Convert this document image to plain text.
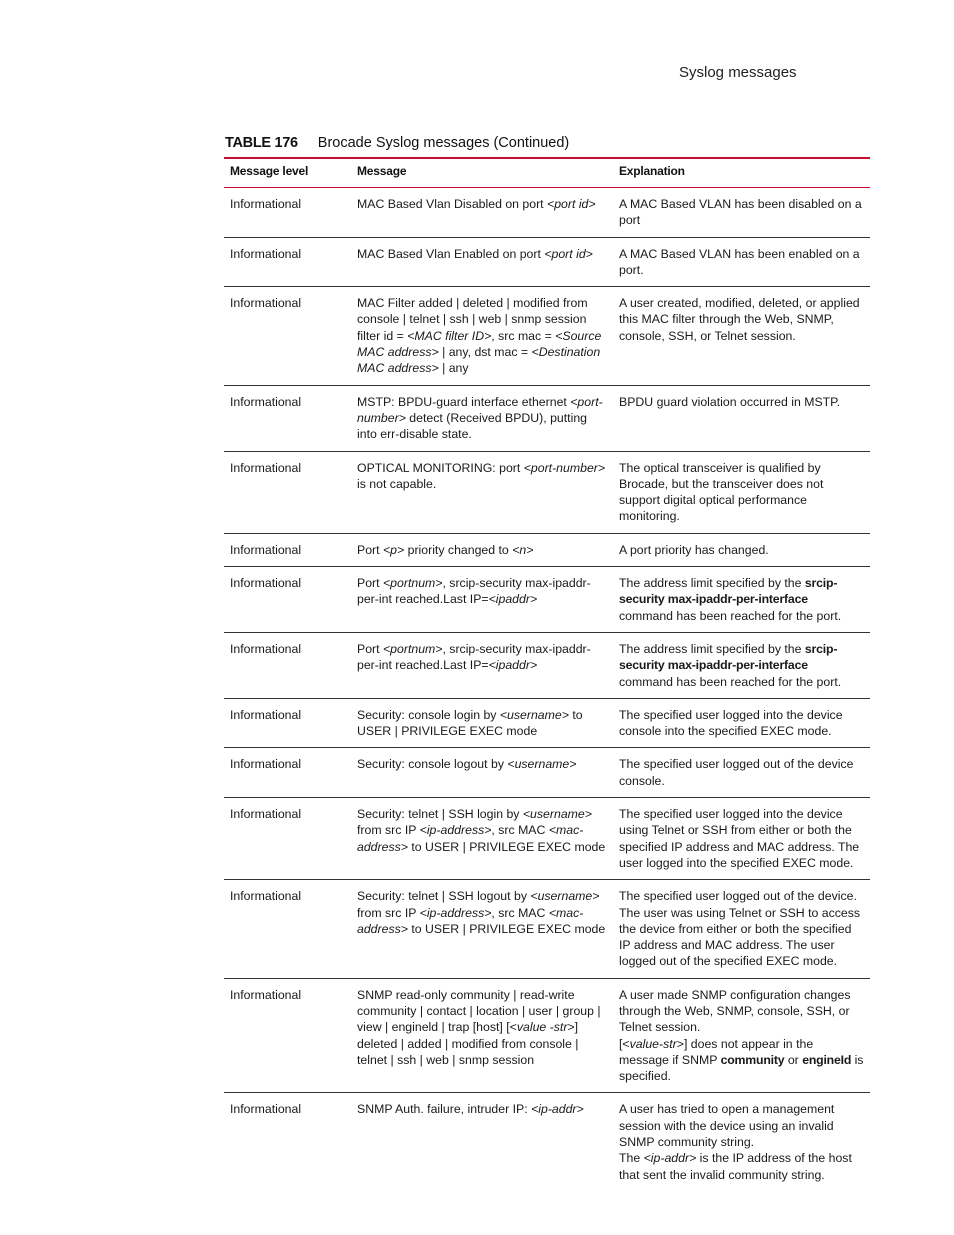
Syslog messages
TABLE 176 Brocade Syslog messages (Continued)
Message level	Message	Explanation
Informational	MAC Based Vlan Disabled on port <port id>	A MAC Based VLAN has been disabled on a port
Informational	MAC Based Vlan Enabled on port <port id>	A MAC Based VLAN has been enabled on a port.
Informational	MAC Filter added | deleted | modified from console | telnet | ssh | web | snmp session filter id = <MAC filter ID>, src mac = <Source MAC address> | any, dst mac = <Destination MAC address> | any	A user created, modified, deleted, or applied this MAC filter through the Web, SNMP, console, SSH, or Telnet session.
Informational	MSTP: BPDU-guard interface ethernet <port-number> detect (Received BPDU), putting into err-disable state.	BPDU guard violation occurred in MSTP.
Informational	OPTICAL MONITORING: port <port-number> is not capable.	The optical transceiver is qualified by Brocade, but the transceiver does not support digital optical performance monitoring.
Informational	Port <p> priority changed to <n>	A port priority has changed.
Informational	Port <portnum>, srcip-security max-ipaddr-per-int reached.Last IP=<ipaddr>	The address limit specified by the srcip-security max-ipaddr-per-interface command has been reached for the port.
Informational	Port <portnum>, srcip-security max-ipaddr-per-int reached.Last IP=<ipaddr>	The address limit specified by the srcip-security max-ipaddr-per-interface command has been reached for the port.
Informational	Security: console login by <username> to USER | PRIVILEGE EXEC mode	The specified user logged into the device console into the specified EXEC mode.
Informational	Security: console logout by <username>	The specified user logged out of the device console.
Informational	Security: telnet | SSH login by <username> from src IP <ip-address>, src MAC <mac-address> to USER | PRIVILEGE EXEC mode	The specified user logged into the device using Telnet or SSH from either or both the specified IP address and MAC address. The user logged into the specified EXEC mode.
Informational	Security: telnet | SSH logout by <username> from src IP <ip-address>, src MAC <mac-address> to USER | PRIVILEGE EXEC mode	The specified user logged out of the device. The user was using Telnet or SSH to access the device from either or both the specified IP address and MAC address. The user logged out of the specified EXEC mode.
Informational	SNMP read-only community | read-write community | contact | location | user | group | view | engineld | trap [host] [<value -str>] deleted | added | modified from console | telnet | ssh | web | snmp session	A user made SNMP configuration changes through the Web, SNMP, console, SSH, or Telnet session.
[<value-str>] does not appear in the message if SNMP community or engineId is specified.
Informational	SNMP Auth. failure, intruder IP: <ip-addr>	A user has tried to open a management session with the device using an invalid SNMP community string.
The <ip-addr> is the IP address of the host that sent the invalid community string.
